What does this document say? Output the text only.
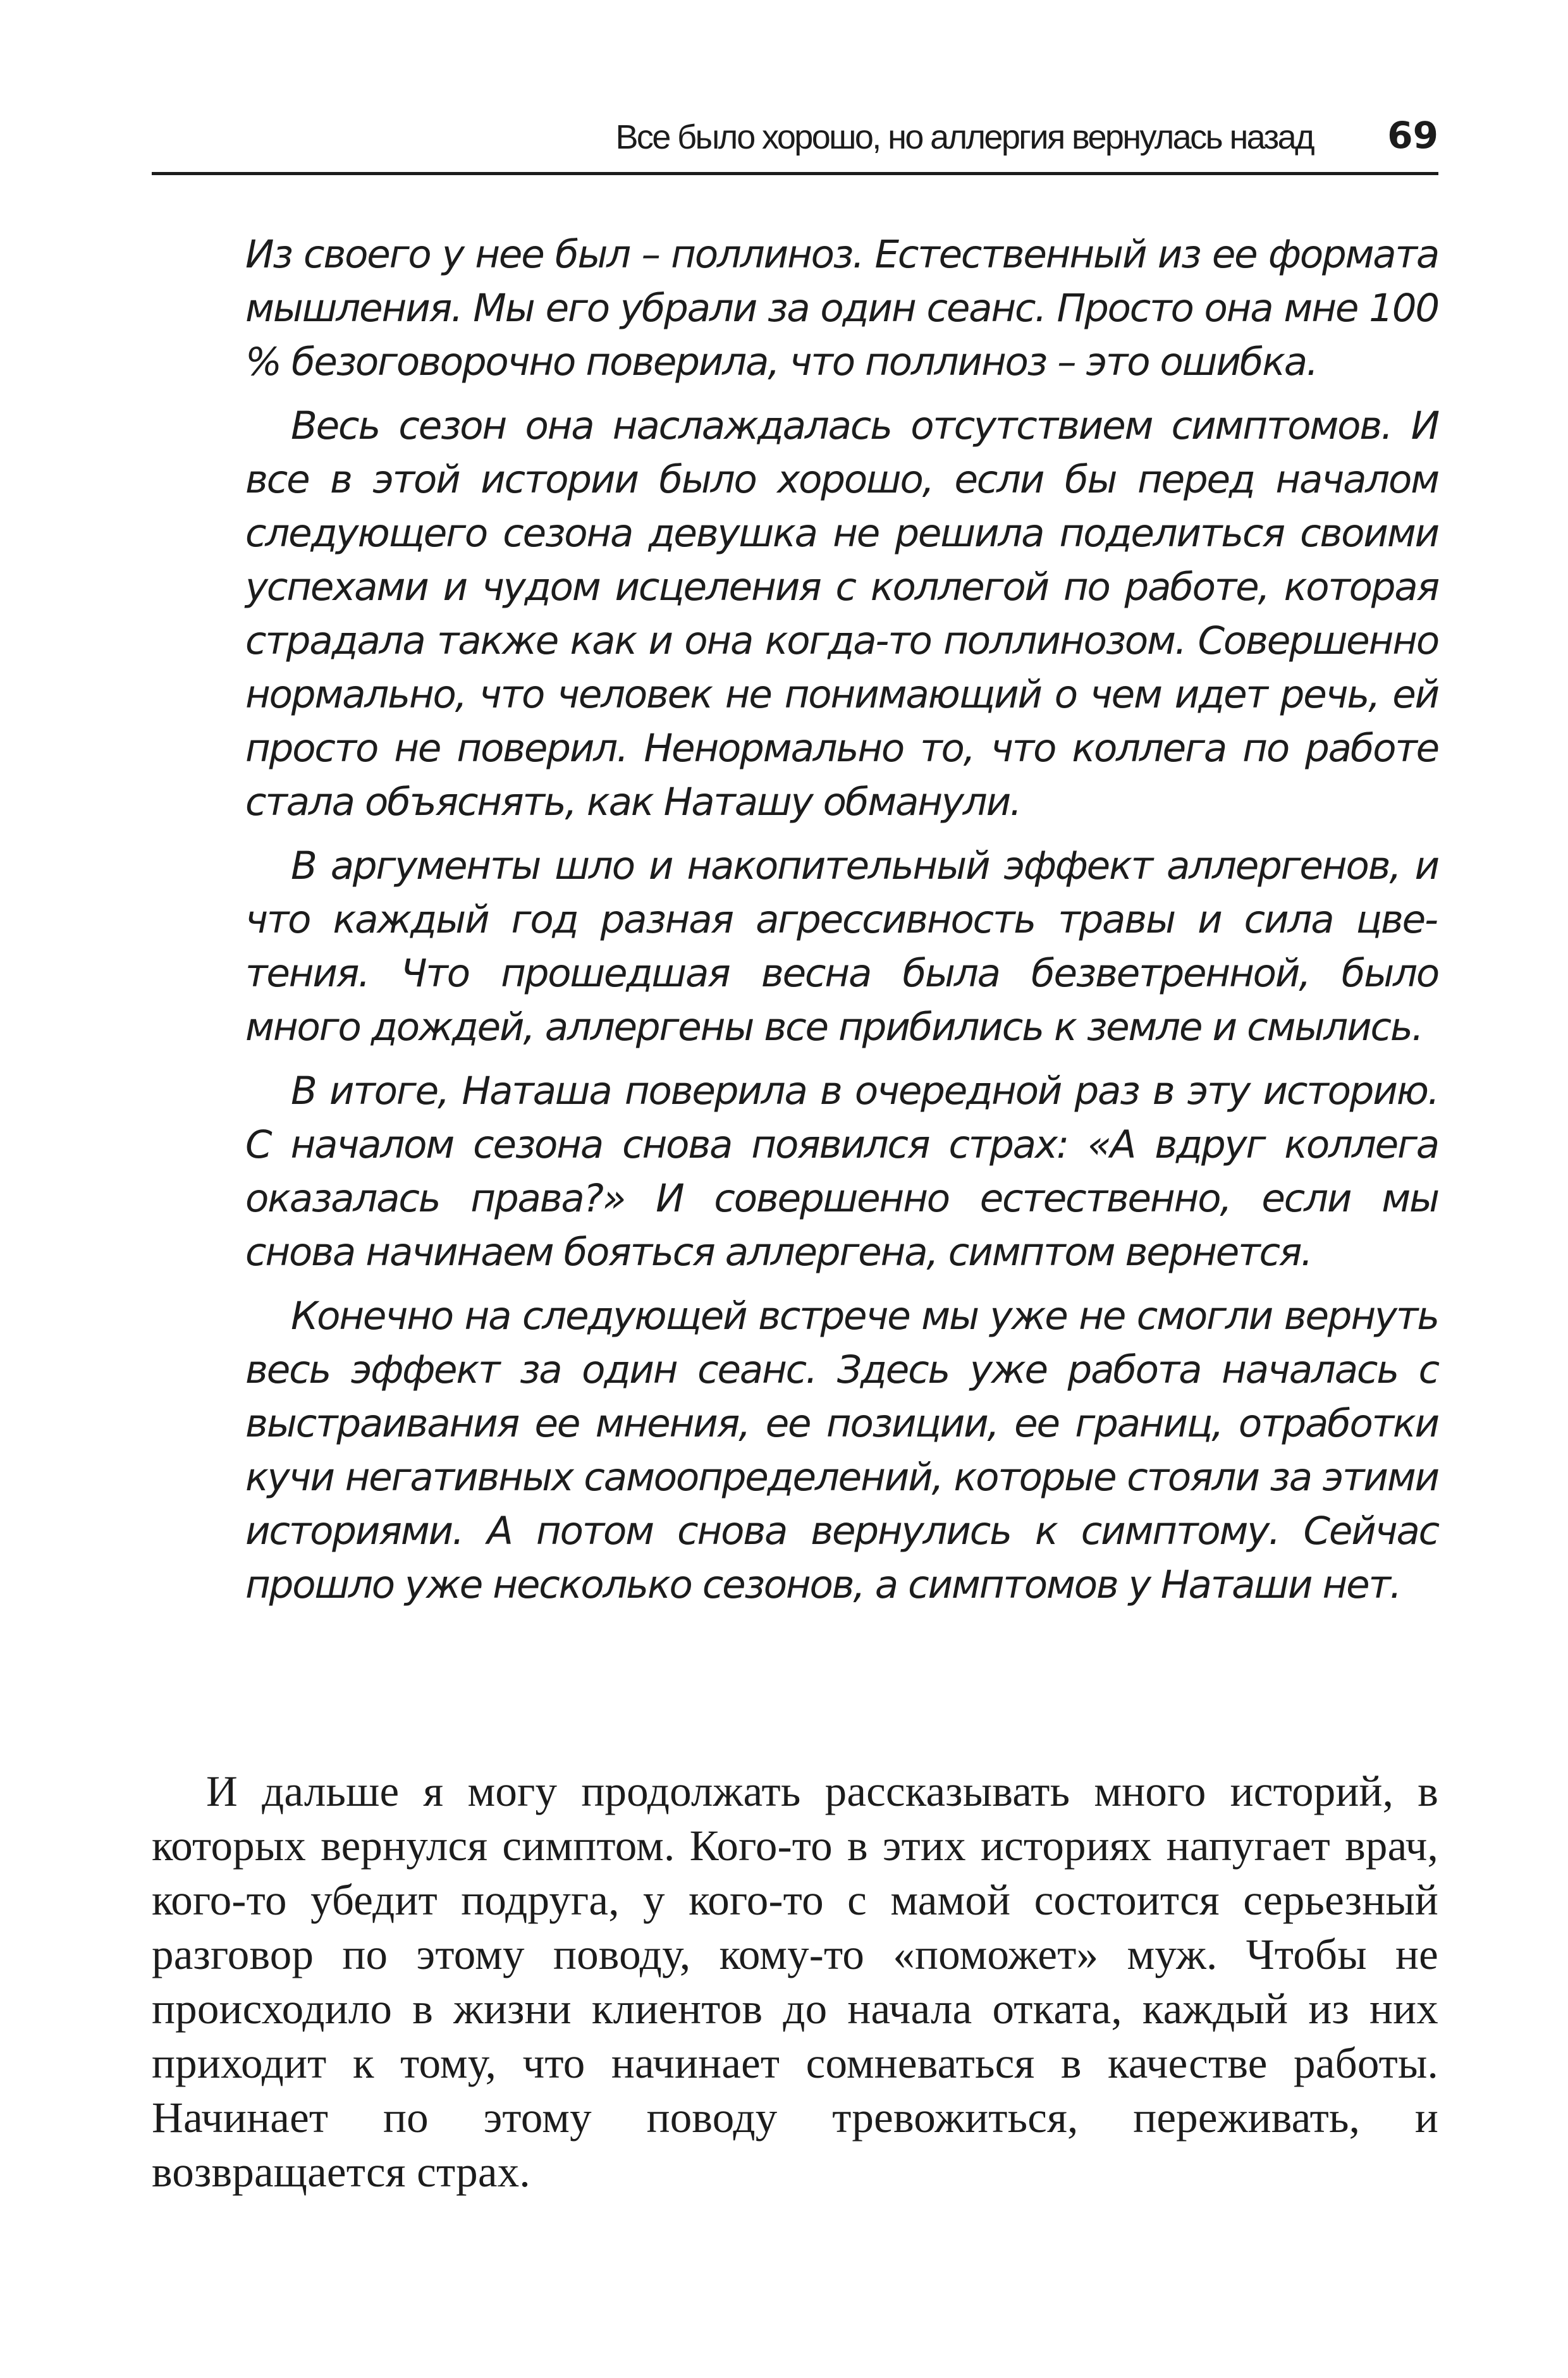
Все было хорошо, но аллергия вернулась назад 69

Из своего у нее был – поллиноз. Естественный из ее формата мышления. Мы его убрали за один сеанс. Просто она мне 100 % безоговорочно поверила, что поллиноз – это ошибка.

Весь сезон она наслаждалась отсутствием симптомов. И все в этой истории было хорошо, если бы перед началом следующего сезона девушка не решила поделиться своими успехами и чудом исцеления с коллегой по работе, которая страдала также как и она когда-то поллинозом. Совершенно нормально, что человек не понимающий о чем идет речь, ей просто не поверил. Ненормально то, что коллега по работе стала объяснять, как Наташу обманули.

В аргументы шло и накопительный эффект аллергенов, и что каждый год разная агрессивность травы и сила цветения. Что прошедшая весна была безветренной, было много дождей, аллергены все прибились к земле и смылись.

В итоге, Наташа поверила в очередной раз в эту историю. С началом сезона снова появился страх: «А вдруг коллега оказалась права?» И совершенно естественно, если мы снова начинаем бояться аллергена, симптом вернется.

Конечно на следующей встрече мы уже не смогли вернуть весь эффект за один сеанс. Здесь уже работа началась с выстраивания ее мнения, ее позиции, ее границ, отработки кучи негативных самоопределений, которые стояли за этими историями. А потом снова вернулись к симптому. Сейчас прошло уже несколько сезонов, а симптомов у Наташи нет.

И дальше я могу продолжать рассказывать много историй, в которых вернулся симптом. Кого-то в этих историях напугает врач, кого-то убедит подруга, у кого-то с мамой состоится серьезный разговор по этому поводу, кому-то «поможет» муж. Чтобы не происходило в жизни клиентов до начала отката, каждый из них приходит к тому, что начинает сомневаться в качестве работы. Начинает по этому поводу тревожиться, переживать, и возвращается страх.
